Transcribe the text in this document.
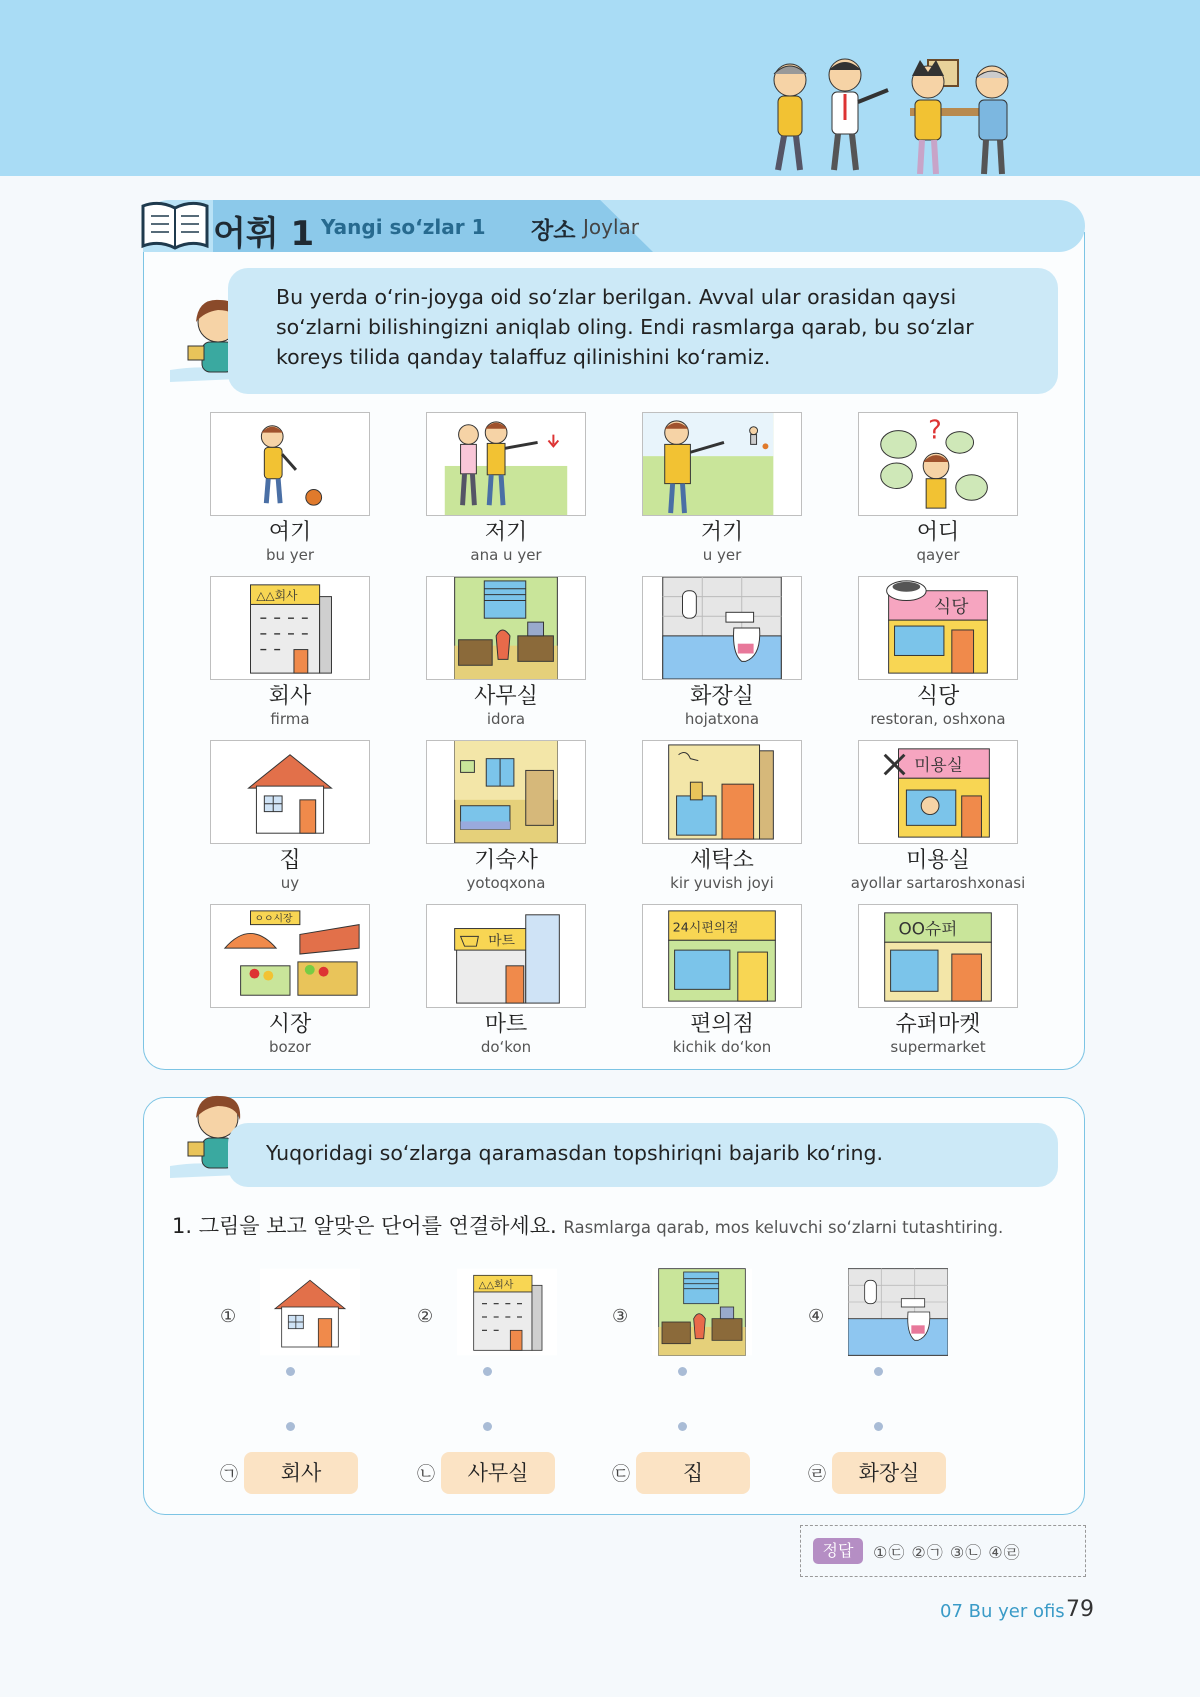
어휘 1 Yangi so‘zlar 1 장소 Joylar

Bu yerda o‘rin-joyga oid so‘zlar berilgan. Avval ular orasidan qaysi so‘zlarni bilishingizni aniqlab oling. Endi rasmlarga qarab, bu so‘zlar koreys tilida qanday talaffuz qilinishini ko‘ramiz.

여기
bu yer
저기
ana u yer
거기
u yer
?
어디
qayer
△△회사
회사
firma
사무실
idora
화장실
hojatxona
식당
식당
restoran, oshxona
집
uy
기숙사
yotoqxona
세탁소
kir yuvish joyi
미용실
미용실
ayollar sartaroshxonasi
ㅇㅇ시장
시장
bozor
마트
마트
do‘kon
24시편의점
편의점
kichik do‘kon
OO슈퍼
슈퍼마켓
supermarket

Yuqoridagi so‘zlarga qaramasdan topshiriqni bajarib ko‘ring.

1. 그림을 보고 알맞은 단어를 연결하세요. Rasmlarga qarab, mos keluvchi so‘zlarni tutashtiring.
①	②
△△회사
③	④
㉠	회사	㉡	사무실	㉢	집	㉣	화장실
정답	①㉢ ②㉠ ③㉡ ④㉣
07 Bu yer ofis 79
